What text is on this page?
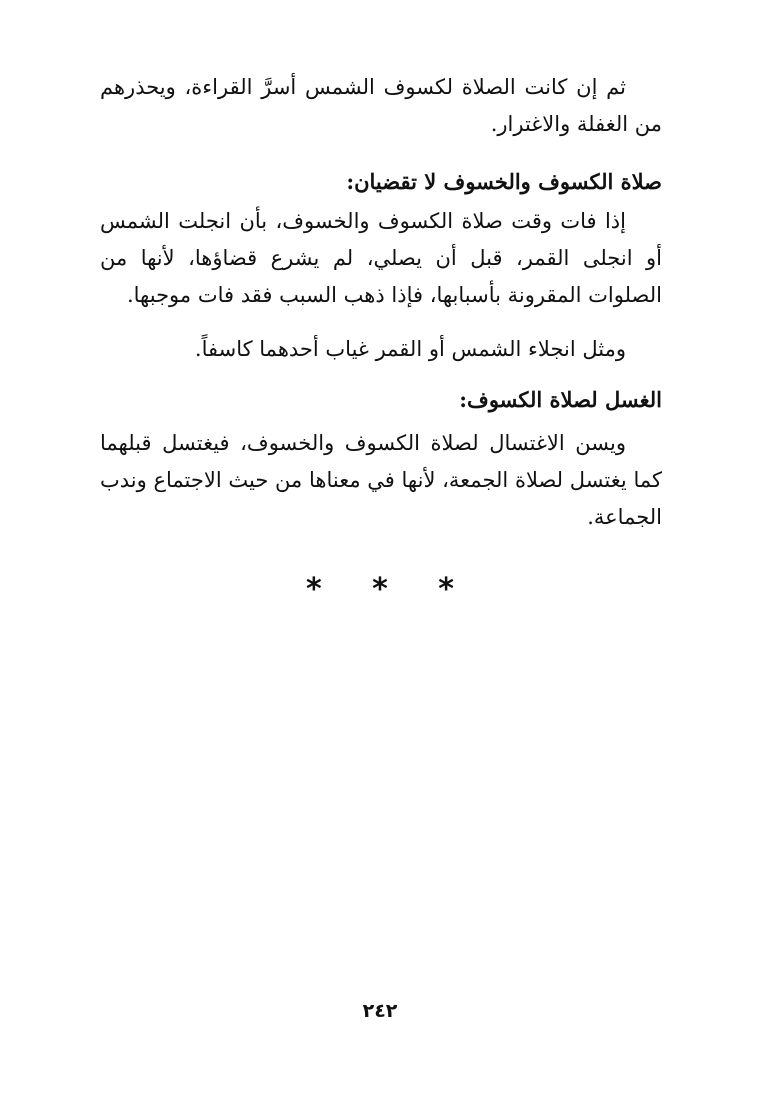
ثم إن كانت الصلاة لكسوف الشمس أسرَّ القراءة، ويحذرهم من الغفلة والاغترار.

صلاة الكسوف والخسوف لا تقضيان:

إذا فات وقت صلاة الكسوف والخسوف، بأن انجلت الشمس أو انجلى القمر، قبل أن يصلي، لم يشرع قضاؤها، لأنها من الصلوات المقرونة بأسبابها، فإذا ذهب السبب فقد فات موجبها.

ومثل انجلاء الشمس أو القمر غياب أحدهما كاسفاً.

الغسل لصلاة الكسوف:

ويسن الاغتسال لصلاة الكسوف والخسوف، فيغتسل قبلهما كما يغتسل لصلاة الجمعة، لأنها في معناها من حيث الاجتماع وندب الجماعة.

* * *
٢٤٢
